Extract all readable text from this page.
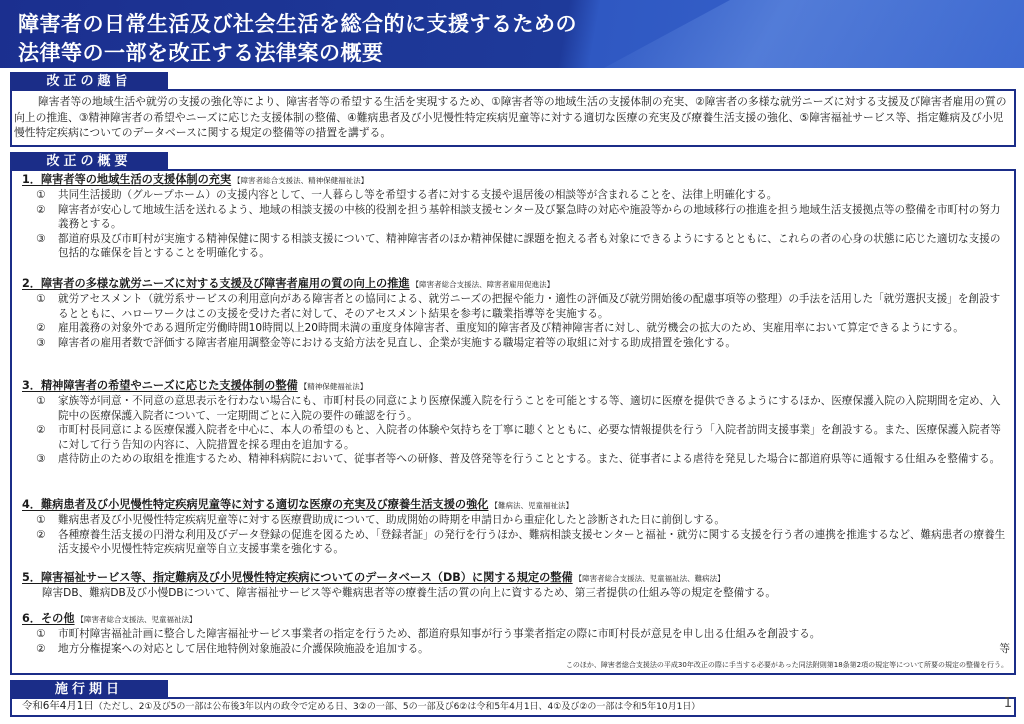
障害者の日常生活及び社会生活を総合的に支援するための
法律等の一部を改正する法律案の概要
改正の趣旨
障害者等の地域生活や就労の支援の強化等により、障害者等の希望する生活を実現するため、①障害者等の地域生活の支援体制の充実、②障害者の多様な就労ニーズに対する支援及び障害者雇用の質の向上の推進、③精神障害者の希望やニーズに応じた支援体制の整備、④難病患者及び小児慢性特定疾病児童等に対する適切な医療の充実及び療養生活支援の強化、⑤障害福祉サービス等、指定難病及び小児慢性特定疾病についてのデータベースに関する規定の整備等の措置を講ずる。
改正の概要
1．障害者等の地域生活の支援体制の充実 【障害者総合支援法、精神保健福祉法】
①	共同生活援助（グループホーム）の支援内容として、一人暮らし等を希望する者に対する支援や退居後の相談等が含まれることを、法律上明確化する。
②	障害者が安心して地域生活を送れるよう、地域の相談支援の中核的役割を担う基幹相談支援センター及び緊急時の対応や施設等からの地域移行の推進を担う地域生活支援拠点等の整備を市町村の努力義務とする。
③	都道府県及び市町村が実施する精神保健に関する相談支援について、精神障害者のほか精神保健に課題を抱える者も対象にできるようにするとともに、これらの者の心身の状態に応じた適切な支援の包括的な確保を旨とすることを明確化する。
2．障害者の多様な就労ニーズに対する支援及び障害者雇用の質の向上の推進 【障害者総合支援法、障害者雇用促進法】
①	就労アセスメント（就労系サービスの利用意向がある障害者との協同による、就労ニーズの把握や能力・適性の評価及び就労開始後の配慮事項等の整理）の手法を活用した「就労選択支援」を創設するとともに、ハローワークはこの支援を受けた者に対して、そのアセスメント結果を参考に職業指導等を実施する。
②	雇用義務の対象外である週所定労働時間10時間以上20時間未満の重度身体障害者、重度知的障害者及び精神障害者に対し、就労機会の拡大のため、実雇用率において算定できるようにする。
③	障害者の雇用者数で評価する障害者雇用調整金等における支給方法を見直し、企業が実施する職場定着等の取組に対する助成措置を強化する。
3．精神障害者の希望やニーズに応じた支援体制の整備 【精神保健福祉法】
①	家族等が同意・不同意の意思表示を行わない場合にも、市町村長の同意により医療保護入院を行うことを可能とする等、適切に医療を提供できるようにするほか、医療保護入院の入院期間を定め、入院中の医療保護入院者について、一定期間ごとに入院の要件の確認を行う。
②	市町村長同意による医療保護入院者を中心に、本人の希望のもと、入院者の体験や気持ちを丁寧に聴くとともに、必要な情報提供を行う「入院者訪問支援事業」を創設する。また、医療保護入院者等に対して行う告知の内容に、入院措置を採る理由を追加する。
③	虐待防止のための取組を推進するため、精神科病院において、従事者等への研修、普及啓発等を行うこととする。また、従事者による虐待を発見した場合に都道府県等に通報する仕組みを整備する。
4．難病患者及び小児慢性特定疾病児童等に対する適切な医療の充実及び療養生活支援の強化 【難病法、児童福祉法】
①	難病患者及び小児慢性特定疾病児童等に対する医療費助成について、助成開始の時期を申請日から重症化したと診断された日に前倒しする。
②	各種療養生活支援の円滑な利用及びデータ登録の促進を図るため、「登録者証」の発行を行うほか、難病相談支援センターと福祉・就労に関する支援を行う者の連携を推進するなど、難病患者の療養生活支援や小児慢性特定疾病児童等自立支援事業を強化する。
5．障害福祉サービス等、指定難病及び小児慢性特定疾病についてのデータベース（DB）に関する規定の整備 【障害者総合支援法、児童福祉法、難病法】
障害DB、難病DB及び小慢DBについて、障害福祉サービス等や難病患者等の療養生活の質の向上に資するため、第三者提供の仕組み等の規定を整備する。
6．その他 【障害者総合支援法、児童福祉法】
①	市町村障害福祉計画に整合した障害福祉サービス事業者の指定を行うため、都道府県知事が行う事業者指定の際に市町村長が意見を申し出る仕組みを創設する。
② 地方分権提案への対応として居住地特例対象施設に介護保険施設を追加する。	等
このほか、障害者総合支援法の平成30年改正の際に手当する必要があった同法附則第18条第2項の規定等について所要の規定の整備を行う。
施行期日
令和6年4月1日（ただし、2①及び5の一部は公布後3年以内の政令で定める日、3②の一部、5の一部及び6②は令和5年4月1日、4①及び②の一部は令和5年10月1日）	1
